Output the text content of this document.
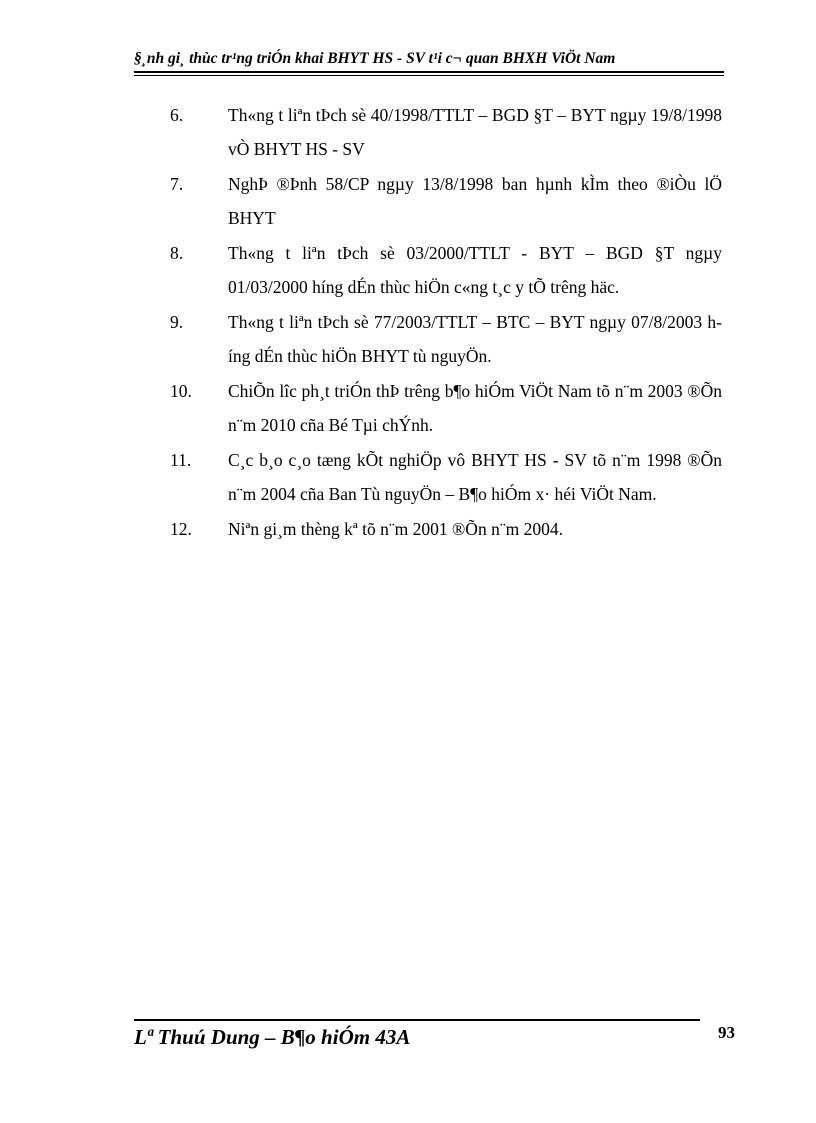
§¸nh gi¸ thùc tr¹ng triÓn khai BHYT HS - SV t¹i c¬ quan BHXH ViÖt Nam
6.	Th«ng t liªn tÞch sè 40/1998/TTLT – BGD §T – BYT ngµy 19/8/1998 vÒ BHYT HS - SV
7.	NghÞ ®Þnh 58/CP ngµy 13/8/1998 ban hµnh kÌm theo ®iÒu lÖ BHYT
8.	Th«ng t liªn tÞch sè 03/2000/TTLT - BYT – BGD §T ngµy 01/03/2000 híng dÉn thùc hiÖn c«ng t¸c y tÕ trêng häc.
9.	Th«ng t liªn tÞch sè 77/2003/TTLT – BTC – BYT ngµy 07/8/2003 híng dÉn thùc hiÖn BHYT tù nguyÖn.
10.	ChiÕn lîc ph¸t triÓn thÞ trêng b¶o hiÓm ViÖt Nam tõ n¨m 2003 ®Õn n¨m 2010 cña Bé Tµi chÝnh.
11.	C¸c b¸o c¸o tæng kÕt nghiÖp vô BHYT HS - SV tõ n¨m 1998 ®Õn n¨m 2004 cña Ban Tù nguyÖn – B¶o hiÓm x· héi ViÖt Nam.
12.	Niªn gi¸m thèng kª tõ n¨m 2001 ®Õn n¨m 2004.
Lª Thuú Dung – B¶o hiÓm 43A	93
